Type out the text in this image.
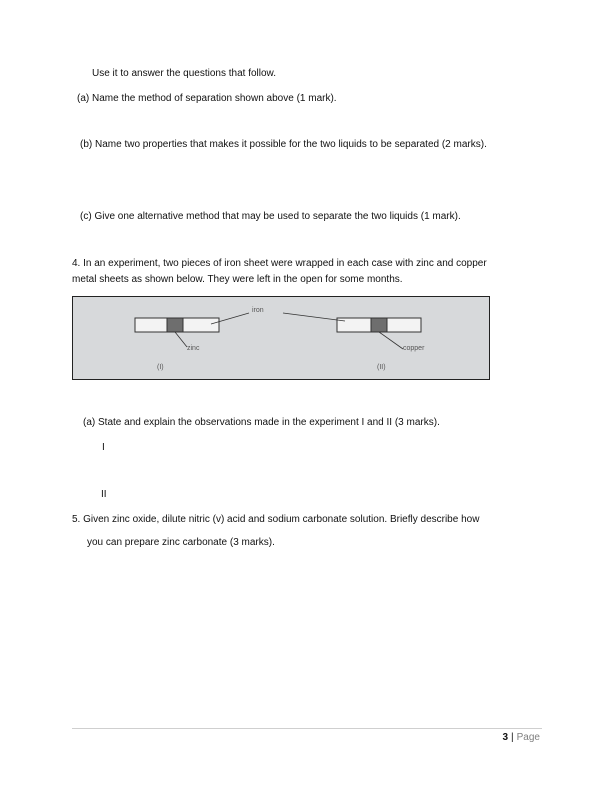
Use it to answer the questions that follow.
(a) Name the method of separation shown above (1 mark).
(b) Name two properties that makes it possible for the two liquids to be separated (2 marks).
(c) Give one alternative method that may be used to separate the two liquids (1 mark).
4. In an experiment, two pieces of iron sheet were wrapped in each case with zinc and copper
metal sheets as shown below. They were left in the open for some months.
iron
zinc	copper
(I)	(II)
(a) State and explain the observations made in the experiment I and II (3 marks).
I
II
5. Given zinc oxide, dilute nitric (v) acid and sodium carbonate solution. Briefly describe how
you can prepare zinc carbonate (3 marks).
3 | Page
